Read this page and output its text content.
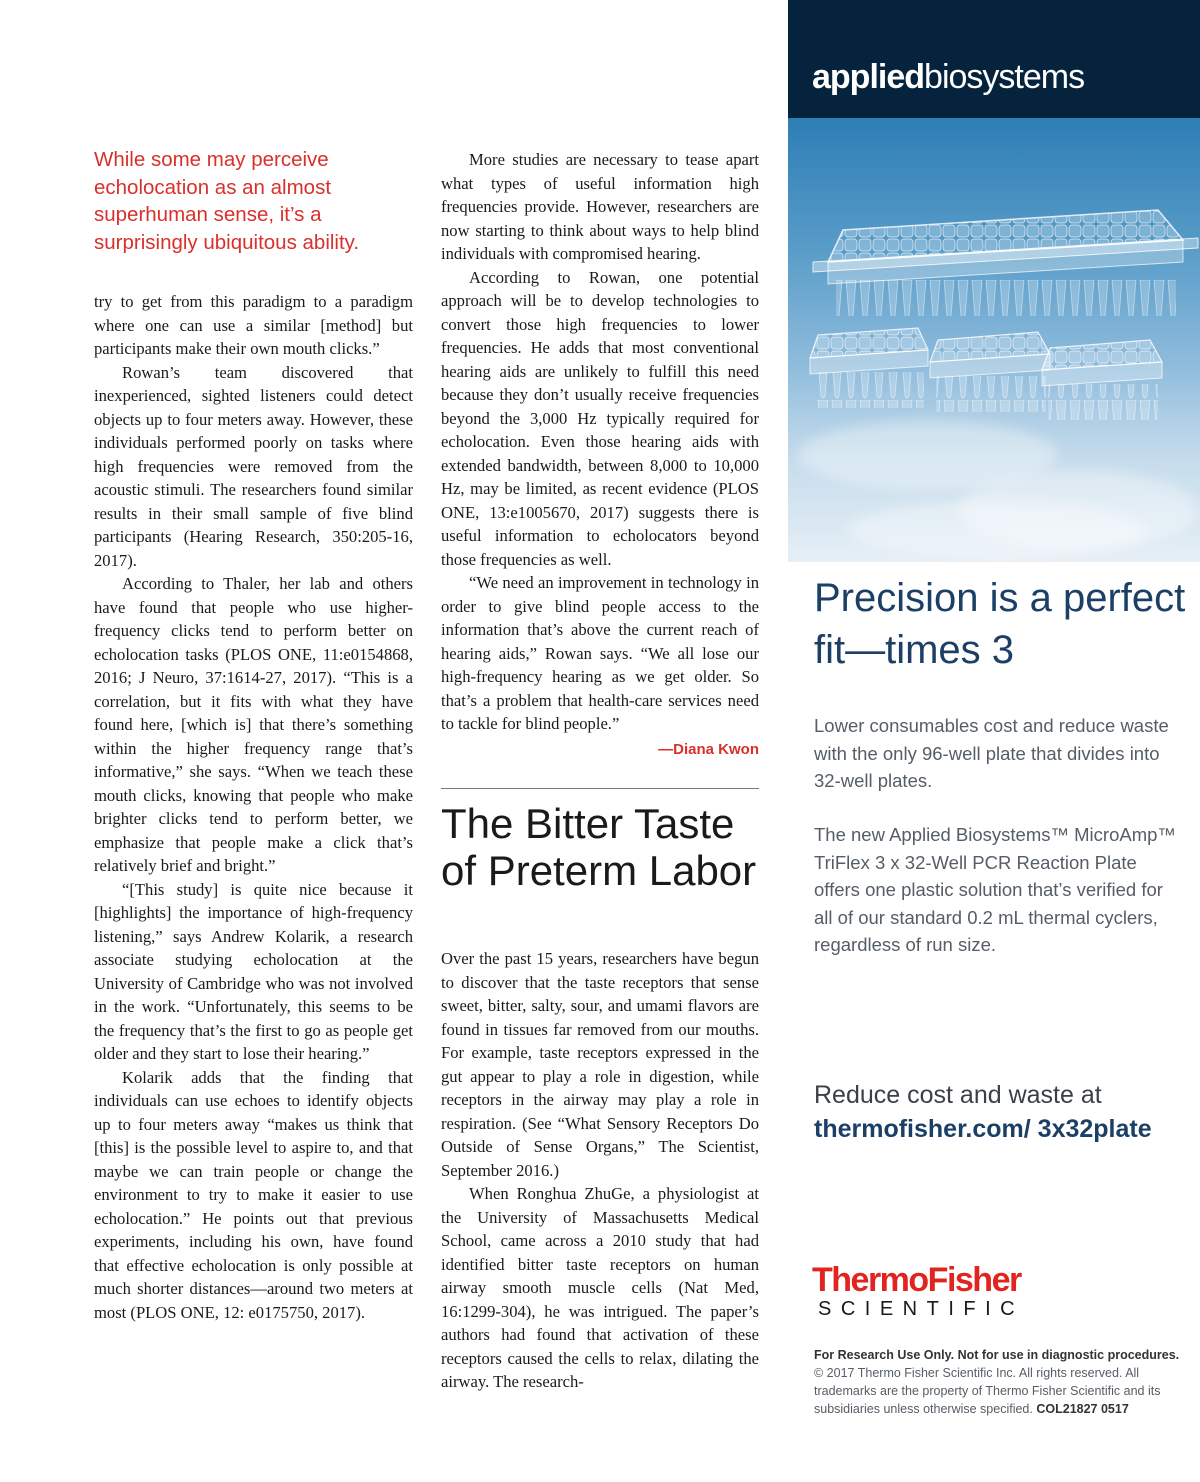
While some may perceive echolocation as an almost superhuman sense, it’s a surprisingly ubiquitous ability.

try to get from this paradigm to a paradigm where one can use a similar [method] but participants make their own mouth clicks.”

Rowan’s team discovered that inexperienced, sighted listeners could detect objects up to four meters away. However, these individuals performed poorly on tasks where high frequencies were removed from the acoustic stimuli. The researchers found similar results in their small sample of five blind participants (Hearing Research, 350:205-16, 2017).

According to Thaler, her lab and others have found that people who use higher-frequency clicks tend to perform better on echolocation tasks (PLOS ONE, 11:e0154868, 2016; J Neuro, 37:1614-27, 2017). “This is a correlation, but it fits with what they have found here, [which is] that there’s something within the higher frequency range that’s informative,” she says. “When we teach these mouth clicks, knowing that people who make brighter clicks tend to perform better, we emphasize that people make a click that’s relatively brief and bright.”

“[This study] is quite nice because it [highlights] the importance of high-frequency listening,” says Andrew Kolarik, a research associate studying echolocation at the University of Cambridge who was not involved in the work. “Unfortunately, this seems to be the frequency that’s the first to go as people get older and they start to lose their hearing.”

Kolarik adds that the finding that individuals can use echoes to identify objects up to four meters away “makes us think that [this] is the possible level to aspire to, and that maybe we can train people or change the environment to try to make it easier to use echolocation.” He points out that previous experiments, including his own, have found that effective echolocation is only possible at much shorter distances—around two meters at most (PLOS ONE, 12: e0175750, 2017).

More studies are necessary to tease apart what types of useful information high frequencies provide. However, researchers are now starting to think about ways to help blind individuals with compromised hearing.

According to Rowan, one potential approach will be to develop technologies to convert those high frequencies to lower frequencies. He adds that most conventional hearing aids are unlikely to fulfill this need because they don’t usually receive frequencies beyond the 3,000 Hz typically required for echolocation. Even those hearing aids with extended bandwidth, between 8,000 to 10,000 Hz, may be limited, as recent evidence (PLOS ONE, 13:e1005670, 2017) suggests there is useful information to echolocators beyond those frequencies as well.

“We need an improvement in technology in order to give blind people access to the information that’s above the current reach of hearing aids,” Rowan says. “We all lose our high-frequency hearing as we get older. So that’s a problem that health-care services need to tackle for blind people.”

—Diana Kwon
The Bitter Taste of Preterm Labor

Over the past 15 years, researchers have begun to discover that the taste receptors that sense sweet, bitter, salty, sour, and umami flavors are found in tissues far removed from our mouths. For example, taste receptors expressed in the gut appear to play a role in digestion, while receptors in the airway may play a role in respiration. (See “What Sensory Receptors Do Outside of Sense Organs,” The Scientist, September 2016.)

When Ronghua ZhuGe, a physiologist at the University of Massachusetts Medical School, came across a 2010 study that had identified bitter taste receptors on human airway smooth muscle cells (Nat Med, 16:1299-304), he was intrigued. The paper’s authors had found that activation of these receptors caused the cells to relax, dilating the airway. The research-

appliedbiosystems
Precision is a perfect fit—times 3

Lower consumables cost and reduce waste with the only 96-well plate that divides into 32-well plates.

The new Applied Biosystems™ MicroAmp™ TriFlex 3 x 32-Well PCR Reaction Plate offers one plastic solution that’s verified for all of our standard 0.2 mL thermal cyclers, regardless of run size.

Reduce cost and waste at
thermofisher.com/ 3x32plate
ThermoFisher
SCIENTIFIC
For Research Use Only. Not for use in diagnostic procedures.
© 2017 Thermo Fisher Scientific Inc. All rights reserved. All trademarks are the property of Thermo Fisher Scientific and its subsidiaries unless otherwise specified. COL21827 0517
